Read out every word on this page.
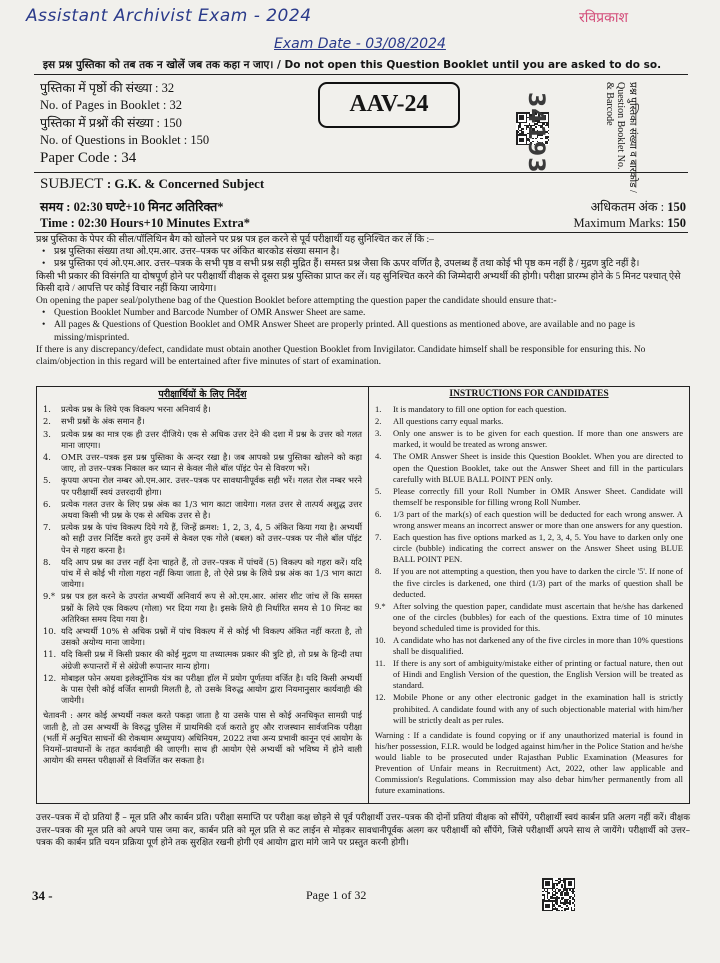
Assistant Archivist Exam - 2024
Exam Date - 03/08/2024
रविप्रकाश
इस प्रश्न पुस्तिका को तब तक न खोलें जब तक कहा न जाए। / Do not open this Question Booklet until you are asked to do so.
पुस्तिका में पृष्ठों की संख्या : 32
No. of Pages in Booklet : 32
पुस्तिका में प्रश्नों की संख्या : 150
No. of Questions in Booklet : 150
Paper Code : 34
AAV-24	34193	प्रश्न पुस्तिका संख्या व बारकोड /
Question Booklet No.
& Barcode
SUBJECT : G.K. & Concerned Subject
समय : 02:30 घण्टे+10 मिनट अतिरिक्त*
Time : 02:30 Hours+10 Minutes Extra*
अधिकतम अंक : 150
Maximum Marks: 150

प्रश्न पुस्तिका के पेपर की सील/पॉलिथिन बैग को खोलने पर प्रश्न पत्र हल करने से पूर्व परीक्षार्थी यह सुनिश्चित कर लें कि :–

• प्रश्न पुस्तिका संख्या तथा ओ.एम.आर. उत्तर–पत्रक पर अंकित बारकोड संख्या समान है।

• प्रश्न पुस्तिका एवं ओ.एम.आर. उत्तर–पत्रक के सभी पृष्ठ व सभी प्रश्न सही मुद्रित हैं। समस्त प्रश्न जैसा कि ऊपर वर्णित है, उपलब्ध हैं तथा कोई भी पृष्ठ कम नहीं है / मुद्रण त्रुटि नहीं है।

किसी भी प्रकार की विसंगति या दोषपूर्ण होने पर परीक्षार्थी वीक्षक से दूसरा प्रश्न पुस्तिका प्राप्त कर लें। यह सुनिश्चित करने की जिम्मेदारी अभ्यर्थी की होगी। परीक्षा प्रारम्भ होने के 5 मिनट पश्चात् ऐसे किसी दावे / आपत्ति पर कोई विचार नहीं किया जायेगा।

On opening the paper seal/polythene bag of the Question Booklet before attempting the question paper the candidate should ensure that:-

• Question Booklet Number and Barcode Number of OMR Answer Sheet are same.

• All pages & Questions of Question Booklet and OMR Answer Sheet are properly printed. All questions as mentioned above, are available and no page is missing/misprinted.

If there is any discrepancy/defect, candidate must obtain another Question Booklet from Invigilator. Candidate himself shall be responsible for ensuring this. No claim/objection in this regard will be entertained after five minutes of start of examination.

परीक्षार्थियों के लिए निर्देश
1.	प्रत्येक प्रश्न के लिये एक विकल्प भरना अनिवार्य है।
2.	सभी प्रश्नों के अंक समान हैं।
3.	प्रत्येक प्रश्न का मात्र एक ही उत्तर दीजिये। एक से अधिक उत्तर देने की दशा में प्रश्न के उत्तर को गलत माना जाएगा।
4.	OMR उत्तर–पत्रक इस प्रश्न पुस्तिका के अन्दर रखा है। जब आपको प्रश्न पुस्तिका खोलने को कहा जाए, तो उत्तर–पत्रक निकाल कर ध्यान से केवल नीले बॉल पॉइंट पेन से विवरण भरें।
5.	कृपया अपना रोल नम्बर ओ.एम.आर. उत्तर–पत्रक पर सावधानीपूर्वक सही भरें। गलत रोल नम्बर भरने पर परीक्षार्थी स्वयं उत्तरदायी होगा।
6.	प्रत्येक गलत उत्तर के लिए प्रश्न अंक का 1/3 भाग काटा जायेगा। गलत उत्तर से तात्पर्य अशुद्ध उत्तर अथवा किसी भी प्रश्न के एक से अधिक उत्तर से है।
7.	प्रत्येक प्रश्न के पांच विकल्प दिये गये हैं, जिन्हें क्रमश: 1, 2, 3, 4, 5 अंकित किया गया है। अभ्यर्थी को सही उत्तर निर्दिष्ट करते हुए उनमें से केवल एक गोले (बबल) को उत्तर–पत्रक पर नीले बॉल पॉइंट पेन से गहरा करना है।
8.	यदि आप प्रश्न का उत्तर नहीं देना चाहते हैं, तो उत्तर–पत्रक में पांचवें (5) विकल्प को गहरा करें। यदि पांच में से कोई भी गोला गहरा नहीं किया जाता है, तो ऐसे प्रश्न के लिये प्रश्न अंक का 1/3 भाग काटा जायेगा।
9.* प्रश्न पत्र हल करने के उपरांत अभ्यर्थी अनिवार्य रूप से ओ.एम.आर. आंसर शीट जांच लें कि समस्त प्रश्नों के लिये एक विकल्प (गोला) भर दिया गया है। इसके लिये ही निर्धारित समय से 10 मिनट का अतिरिक्त समय दिया गया है।
10. यदि अभ्यर्थी 10% से अधिक प्रश्नों में पांच विकल्प में से कोई भी विकल्प अंकित नहीं करता है, तो उसको अयोग्य माना जायेगा।
11. यदि किसी प्रश्न में किसी प्रकार की कोई मुद्रण या तथ्यात्मक प्रकार की त्रुटि हो, तो प्रश्न के हिन्दी तथा अंग्रेजी रूपान्तरों में से अंग्रेजी रूपान्तर मान्य होगा।
12. मोबाइल फोन अथवा इलेक्ट्रॉनिक यंत्र का परीक्षा हॉल में प्रयोग पूर्णतया वर्जित है। यदि किसी अभ्यर्थी के पास ऐसी कोई वर्जित सामग्री मिलती है, तो उसके विरुद्ध आयोग द्वारा नियमानुसार कार्यवाही की जायेगी।
चेतावनी : अगर कोई अभ्यर्थी नकल करते पकड़ा जाता है या उसके पास से कोई अनधिकृत सामग्री पाई जाती है, तो उस अभ्यर्थी के विरुद्ध पुलिस में प्राथमिकी दर्ज कराते हुए और राजस्थान सार्वजनिक परीक्षा (भर्ती में अनुचित साधनों की रोकथाम अध्युपाय) अधिनियम, 2022 तथा अन्य प्रभावी कानून एवं आयोग के नियमों–प्रावधानों के तहत कार्यवाही की जाएगी। साथ ही आयोग ऐसे अभ्यर्थी को भविष्य में होने वाली आयोग की समस्त परीक्षाओं से विवर्जित कर सकता है।
INSTRUCTIONS FOR CANDIDATES
1.	It is mandatory to fill one option for each question.
2.	All questions carry equal marks.
3.	Only one answer is to be given for each question. If more than one answers are marked, it would be treated as wrong answer.
4.	The OMR Answer Sheet is inside this Question Booklet. When you are directed to open the Question Booklet, take out the Answer Sheet and fill in the particulars carefully with BLUE BALL POINT PEN only.
5.	Please correctly fill your Roll Number in OMR Answer Sheet. Candidate will themself be responsible for filling wrong Roll Number.
6.	1/3 part of the mark(s) of each question will be deducted for each wrong answer. A wrong answer means an incorrect answer or more than one answers for any question.
7.	Each question has five options marked as 1, 2, 3, 4, 5. You have to darken only one circle (bubble) indicating the correct answer on the Answer Sheet using BLUE BALL POINT PEN.
8.	If you are not attempting a question, then you have to darken the circle '5'. If none of the five circles is darkened, one third (1/3) part of the marks of question shall be deducted.
9.* After solving the question paper, candidate must ascertain that he/she has darkened one of the circles (bubbles) for each of the questions. Extra time of 10 minutes beyond scheduled time is provided for this.
10. A candidate who has not darkened any of the five circles in more than 10% questions shall be disqualified.
11. If there is any sort of ambiguity/mistake either of printing or factual nature, then out of Hindi and English Version of the question, the English Version will be treated as standard.
12. Mobile Phone or any other electronic gadget in the examination hall is strictly prohibited. A candidate found with any of such objectionable material with him/her will be strictly dealt as per rules.
Warning : If a candidate is found copying or if any unauthorized material is found in his/her possession, F.I.R. would be lodged against him/her in the Police Station and he/she would liable to be prosecuted under Rajasthan Public Examination (Measures for Prevention of Unfair means in Recruitment) Act, 2022, other law applicable and Commission's Regulations. Commission may also debar him/her permanently from all future examinations.
उत्तर–पत्रक में दो प्रतियां हैं – मूल प्रति और कार्बन प्रति। परीक्षा समाप्ति पर परीक्षा कक्ष छोड़ने से पूर्व परीक्षार्थी उत्तर–पत्रक की दोनों प्रतियां वीक्षक को सौंपेंगे, परीक्षार्थी स्वयं कार्बन प्रति अलग नहीं करें। वीक्षक उत्तर–पत्रक की मूल प्रति को अपने पास जमा कर, कार्बन प्रति को मूल प्रति से कट लाईन से मोड़कर सावधानीपूर्वक अलग कर परीक्षार्थी को सौंपेंगे, जिसे परीक्षार्थी अपने साथ ले जायेंगे। परीक्षार्थी को उत्तर–पत्रक की कार्बन प्रति चयन प्रक्रिया पूर्ण होने तक सुरक्षित रखनी होगी एवं आयोग द्वारा मांगे जाने पर प्रस्तुत करनी होगी।
34 -	Page 1 of 32
